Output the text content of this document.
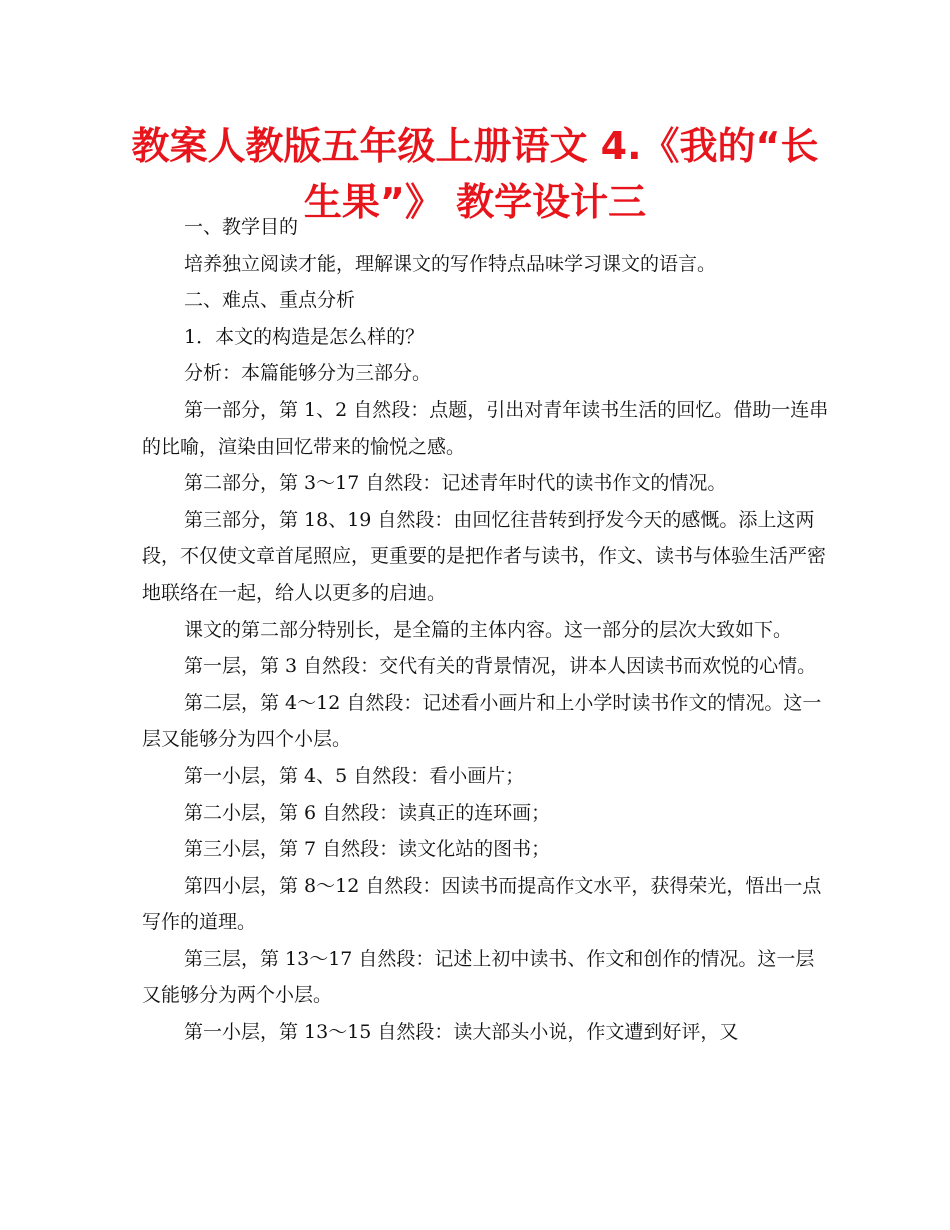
教案人教版五年级上册语文 4.《我的“长
生果”》 教学设计三

一、教学目的

培养独立阅读才能，理解课文的写作特点品味学习课文的语言。

二、难点、重点分析

1．本文的构造是怎么样的？

分析：本篇能够分为三部分。

第一部分，第 1、2 自然段：点题，引出对青年读书生活的回忆。借助一连串的比喻，渲染由回忆带来的愉悦之感。

第二部分，第 3～17 自然段：记述青年时代的读书作文的情况。

第三部分，第 18、19 自然段：由回忆往昔转到抒发今天的感慨。添上这两段，不仅使文章首尾照应，更重要的是把作者与读书，作文、读书与体验生活严密地联络在一起，给人以更多的启迪。

课文的第二部分特别长，是全篇的主体内容。这一部分的层次大致如下。

第一层，第 3 自然段：交代有关的背景情况，讲本人因读书而欢悦的心情。

第二层，第 4～12 自然段：记述看小画片和上小学时读书作文的情况。这一层又能够分为四个小层。

第一小层，第 4、5 自然段：看小画片；

第二小层，第 6 自然段：读真正的连环画；

第三小层，第 7 自然段：读文化站的图书；

第四小层，第 8～12 自然段：因读书而提高作文水平，获得荣光，悟出一点写作的道理。

第三层，第 13～17 自然段：记述上初中读书、作文和创作的情况。这一层又能够分为两个小层。

第一小层，第 13～15 自然段：读大部头小说，作文遭到好评，又
